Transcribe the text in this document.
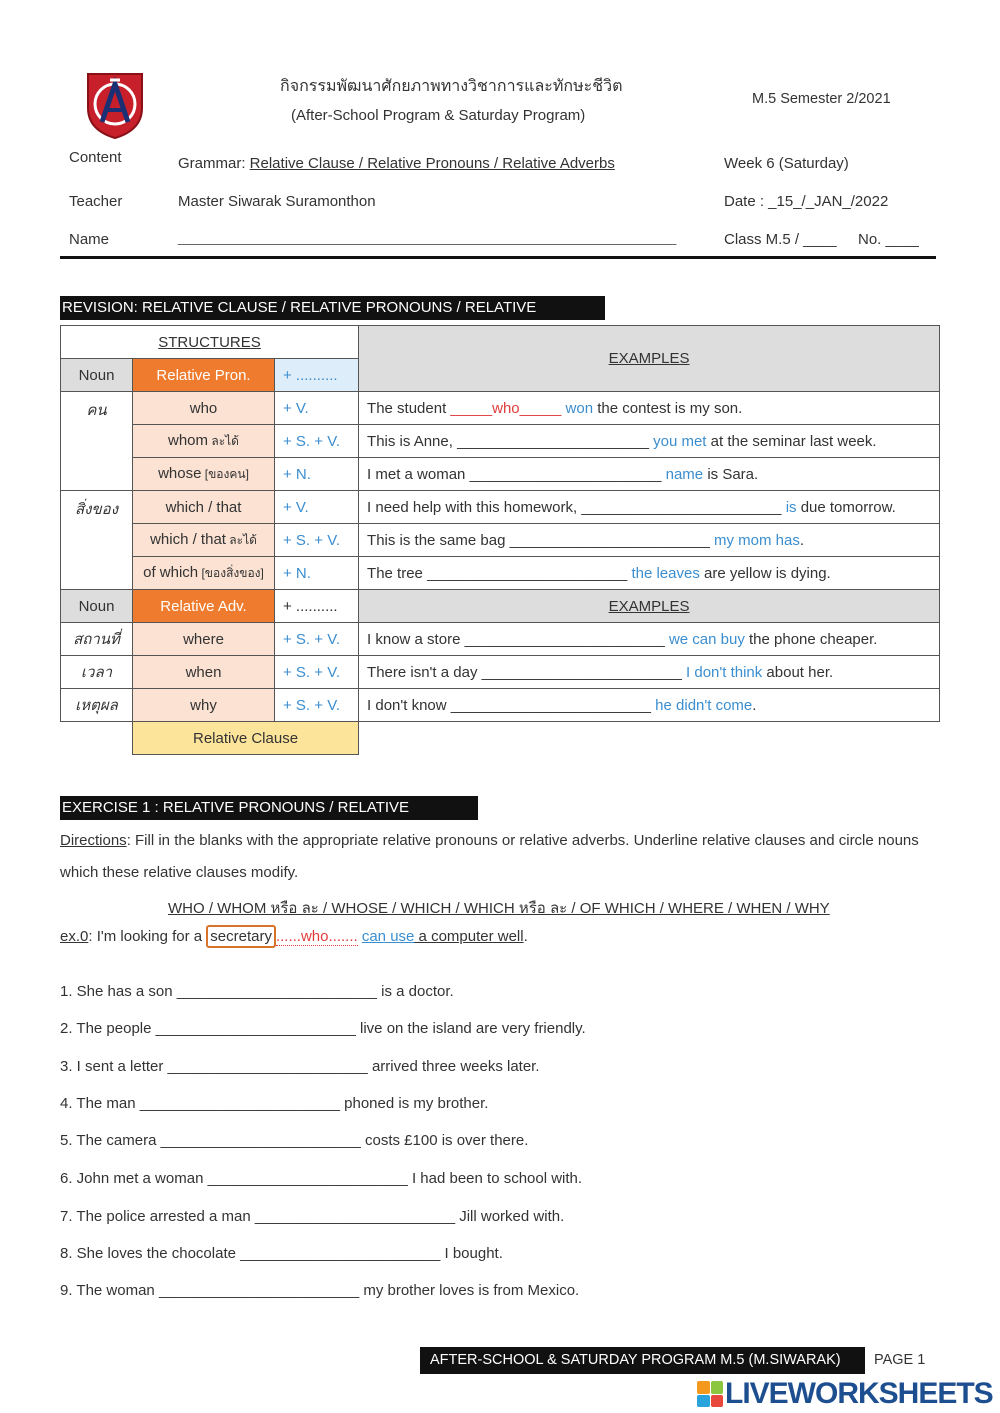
กิจกรรมพัฒนาศักยภาพทางวิชาการและทักษะชีวิต
(After-School Program & Saturday Program)
M.5 Semester 2/2021
Content	Grammar: Relative Clause / Relative Pronouns / Relative Adverbs	Week 6 (Saturday)
Teacher	Master Siwarak Suramonthon	Date : _15_/_JAN_/2022
Name	________________________________________________________________	Class M.5 / ____ No. ____
REVISION: RELATIVE CLAUSE / RELATIVE PRONOUNS / RELATIVE ADVERBS
STRUCTURES			EXAMPLES
Noun	Relative Pron.	+ ..........	
คน	who	+ V.	The student _____who_____ won the contest is my son.
	whom ละได้	+ S. + V.	This is Anne, _______________________ you met at the seminar last week.
	whose [ของคน]	+ N.	I met a woman _______________________ name is Sara.
สิ่งของ	which / that	+ V.	I need help with this homework, ________________________ is due tomorrow.
	which / that ละได้	+ S. + V.	This is the same bag ________________________ my mom has.
	of which [ของสิ่งของ]	+ N.	The tree ________________________ the leaves are yellow is dying.
Noun	Relative Adv.	+ ..........	EXAMPLES
สถานที่	where	+ S. + V.	I know a store ________________________ we can buy the phone cheaper.
เวลา	when	+ S. + V.	There isn't a day ________________________ I don't think about her.
เหตุผล	why	+ S. + V.	I don't know ________________________ he didn't come.
	Relative Clause		
EXERCISE 1 : RELATIVE PRONOUNS / RELATIVE ADVERBS
Directions: Fill in the blanks with the appropriate relative pronouns or relative adverbs. Underline relative clauses and circle nouns which these relative clauses modify.
WHO / WHOM หรือ ละ / WHOSE / WHICH / WHICH หรือ ละ / OF WHICH / WHERE / WHEN / WHY
ex.0: I'm looking for a secretary ......who....... can use a computer well.
1. She has a son ________________________ is a doctor.
2. The people ________________________ live on the island are very friendly.
3. I sent a letter ________________________ arrived three weeks later.
4. The man ________________________ phoned is my brother.
5. The camera ________________________ costs £100 is over there.
6. John met a woman ________________________ I had been to school with.
7. The police arrested a man ________________________ Jill worked with.
8. She loves the chocolate ________________________ I bought.
9. The woman ________________________ my brother loves is from Mexico.
AFTER-SCHOOL & SATURDAY PROGRAM M.5 (M.SIWARAK)	PAGE 1
LIVEWORKSHEETS
